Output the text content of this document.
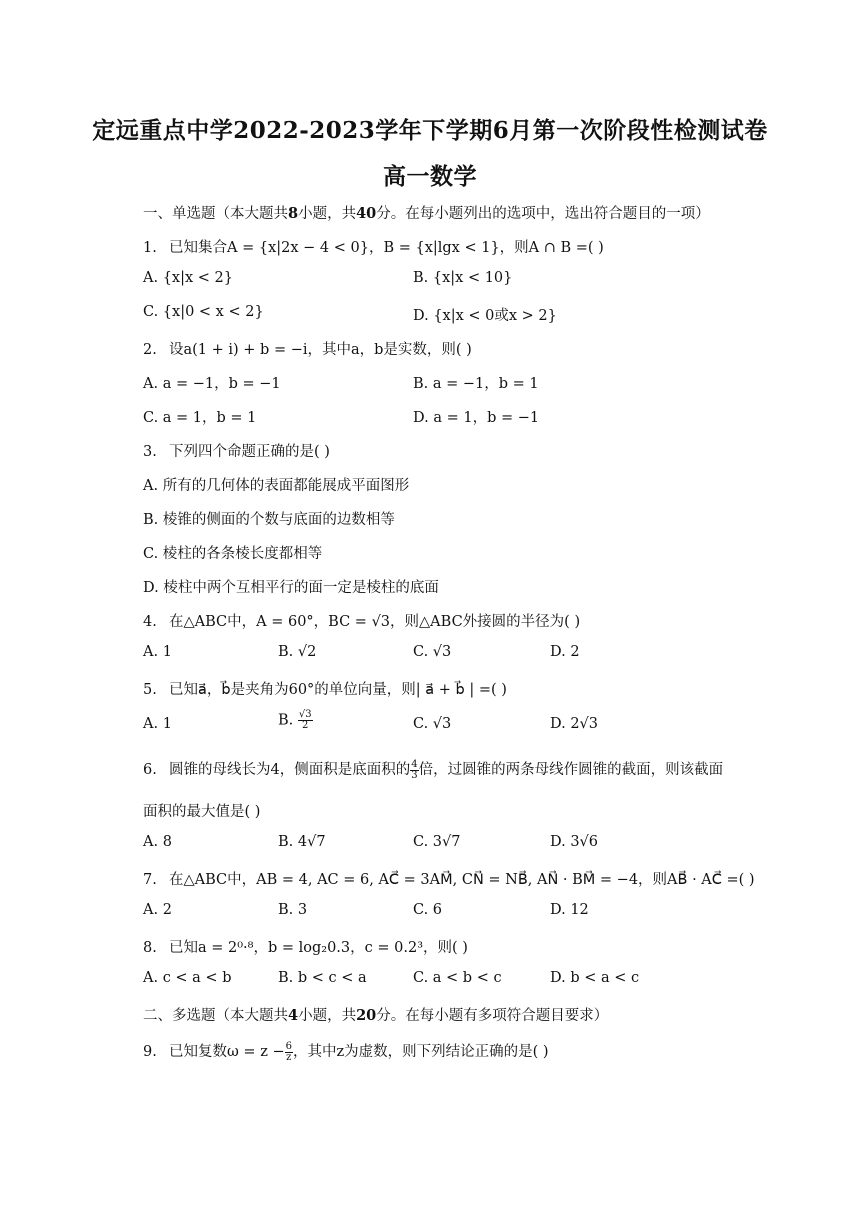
定远重点中学2022-2023学年下学期6月第一次阶段性检测试卷
高一数学
一、单选题（本大题共8小题，共40分。在每小题列出的选项中，选出符合题目的一项）
1. 已知集合A = {x|2x − 4 < 0}，B = {x|lgx < 1}，则A ∩ B =( )
A. {x|x < 2}	B. {x|x < 10}
C. {x|0 < x < 2}	D. {x|x < 0或x > 2}
2. 设a(1 + i) + b = −i，其中a，b是实数，则( )
A. a = −1，b = −1	B. a = −1，b = 1
C. a = 1，b = 1	D. a = 1，b = −1
3. 下列四个命题正确的是( )
A. 所有的几何体的表面都能展成平面图形
B. 棱锥的侧面的个数与底面的边数相等
C. 棱柱的各条棱长度都相等
D. 棱柱中两个互相平行的面一定是棱柱的底面
4. 在△ABC中，A = 60°，BC = √3，则△ABC外接圆的半径为( )
A. 1	B. √2	C. √3	D. 2
5. 已知a⃗，b⃗是夹角为60°的单位向量，则| a⃗ + b⃗ | =( )
A. 1	B. $\frac{√3}{2}$	C. √3	D. 2√3
6. 圆锥的母线长为4，侧面积是底面积的 $\frac{4}{3}$ 倍，过圆锥的两条母线作圆锥的截面，则该截面
面积的最大值是( )
A. 8	B. 4√7	C. 3√7	D. 3√6
7. 在△ABC中，AB = 4, AC = 6, AC⃗ = 3AM⃗, CN⃗ = NB⃗, AN⃗ · BM⃗ = −4，则AB⃗ · AC⃗ =( )
A. 2	B. 3	C. 6	D. 12
8. 已知a = 2⁰·⁸，b = log₂0.3，c = 0.2³，则( )
A. c < a < b	B. b < c < a	C. a < b < c	D. b < a < c
二、多选题（本大题共4小题，共20分。在每小题有多项符合题目要求）
9. 已知复数$\omega = z - \frac{6}{z}$ ，其中z为虚数，则下列结论正确的是( )
